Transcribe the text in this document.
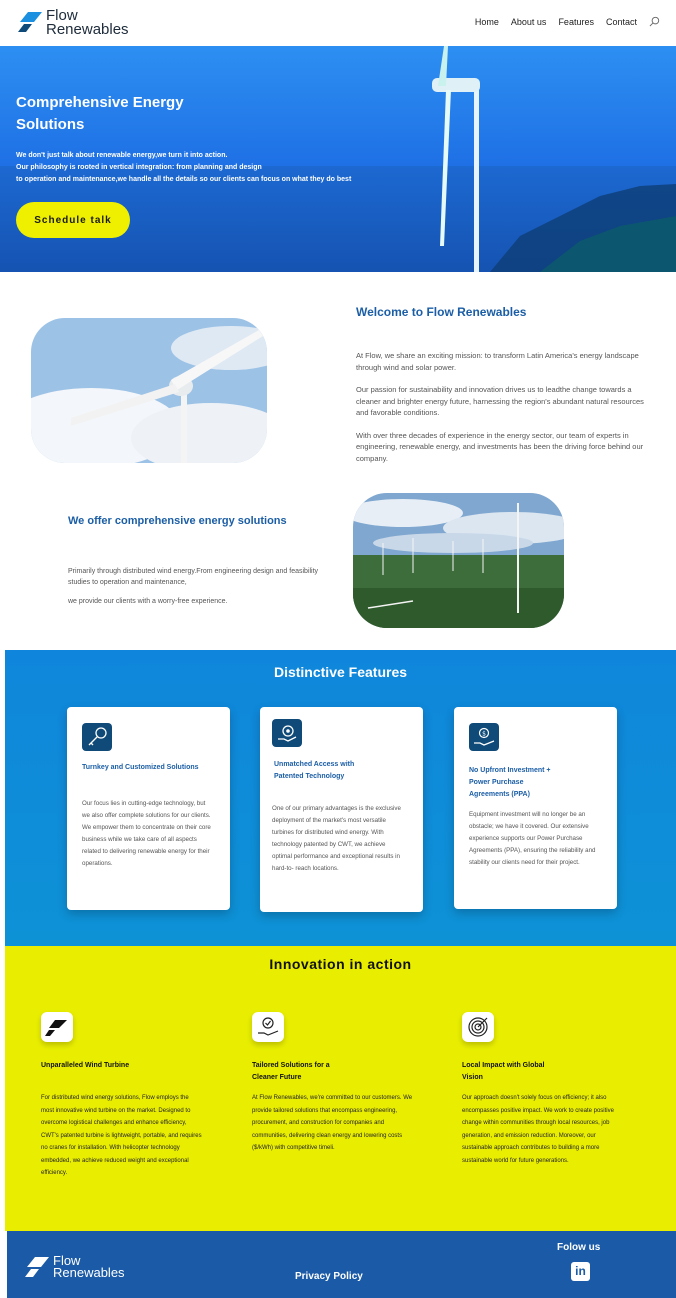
Flow
Renewables	Home About us Features Contact
Comprehensive Energy Solutions

We don't just talk about renewable energy,we turn it into action.
Our philosophy is rooted in vertical integration: from planning and design
to operation and maintenance,we handle all the details so our clients can focus on what they do best

Schedule talk
Welcome to Flow Renewables

At Flow, we share an exciting mission: to transform Latin America's energy landscape through wind and solar power.

Our passion for sustainability and innovation drives us to leadthe change towards a cleaner and brighter energy future, harnessing the region's abundant natural resources and favorable conditions.

With over three decades of experience in the energy sector, our team of experts in engineering, renewable energy, and investments has been the driving force behind our company.

We offer comprehensive energy solutions

Primarily through distributed wind energy.From engineering design and feasibility studies to operation and maintenance,

we provide our clients with a worry-free experience.

Distinctive Features
Turnkey and Customized Solutions
Our focus lies in cutting-edge technology, but we also offer complete solutions for our clients. We empower them to concentrate on their core business while we take care of all aspects related to delivering renewable energy for their operations.
Unmatched Access with Patented Technology
One of our primary advantages is the exclusive deployment of the market's most versatile turbines for distributed wind energy. With technology patented by CWT, we achieve optimal performance and exceptional results in hard-to- reach locations.
$
No Upfront Investment + Power Purchase Agreements (PPA)
Equipment investment will no longer be an obstacle; we have it covered. Our extensive experience supports our Power Purchase Agreements (PPA), ensuring the reliability and stability our clients need for their project.
Innovation in action
Unparalleled Wind Turbine
For distributed wind energy solutions, Flow employs the most innovative wind turbine on the market. Designed to overcome logistical challenges and enhance efficiency, CWT's patented turbine is lightweight, portable, and requires no cranes for installation. With helicopter technology embedded, we achieve reduced weight and exceptional efficiency.
Tailored Solutions for a Cleaner Future
At Flow Renewables, we're committed to our customers. We provide tailored solutions that encompass engineering, procurement, and construction for companies and communities, delivering clean energy and lowering costs ($/kWh) with competitive timeli.
Local Impact with Global Vision
Our approach doesn't solely focus on efficiency; it also encompasses positive impact. We work to create positive change within communities through local resources, job generation, and emission reduction. Moreover, our sustainable approach contributes to building a more sustainable world for future generations.
Flow
Renewables	Privacy Policy
Folow us
in
